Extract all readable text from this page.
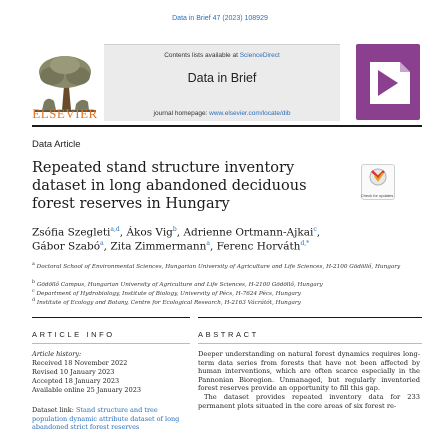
Data in Brief 47 (2023) 108929
ELSEVIER
Contents lists available at ScienceDirect
Data in Brief
journal homepage: www.elsevier.com/locate/dib
Data Article
Repeated stand structure inventory dataset in long abandoned deciduous forest reserves in Hungary
Check for updates
Zsófia Szegleti$^{a,d}$, Ákos Vig$^b$, Adrienne Ortmann-Ajkai$^c$,
Gábor Szabó$^a$, Zita Zimmermann$^a$, Ferenc Horváth$^{d,*}$
$^a$ Doctoral School of Environmental Sciences, Hungarian University of Agriculture and Life Sciences, H-2100 Gödöllő, Hungary
$^b$ Gödöllő Campus, Hungarian University of Agriculture and Life Sciences, H-2100 Gödöllő, Hungary
$^c$ Department of Hydrobiology, Institute of Biology, University of Pécs, H-7624 Pécs, Hungary
$^d$ Institute of Ecology and Botany, Centre for Ecological Research, H-2163 Vácrátót, Hungary
ARTICLE INFO	ABSTRACT
Article history:
Received 18 November 2022
Revised 10 January 2023
Accepted 18 January 2023
Available online 25 January 2023
Dataset link: Stand structure and tree population dynamic attribute dataset of long abandoned strict forest reserves

Deeper understanding on natural forest dynamics requires long-term data series from forests that have not been affected by human interventions, which are often scarce especially in the Pannonian Bioregion. Unmanaged, but regularly inventoried forest reserves provide an opportunity to fill this gap.

The dataset provides repeated inventory data for 233 permanent plots situated in the core areas of six forest re-
